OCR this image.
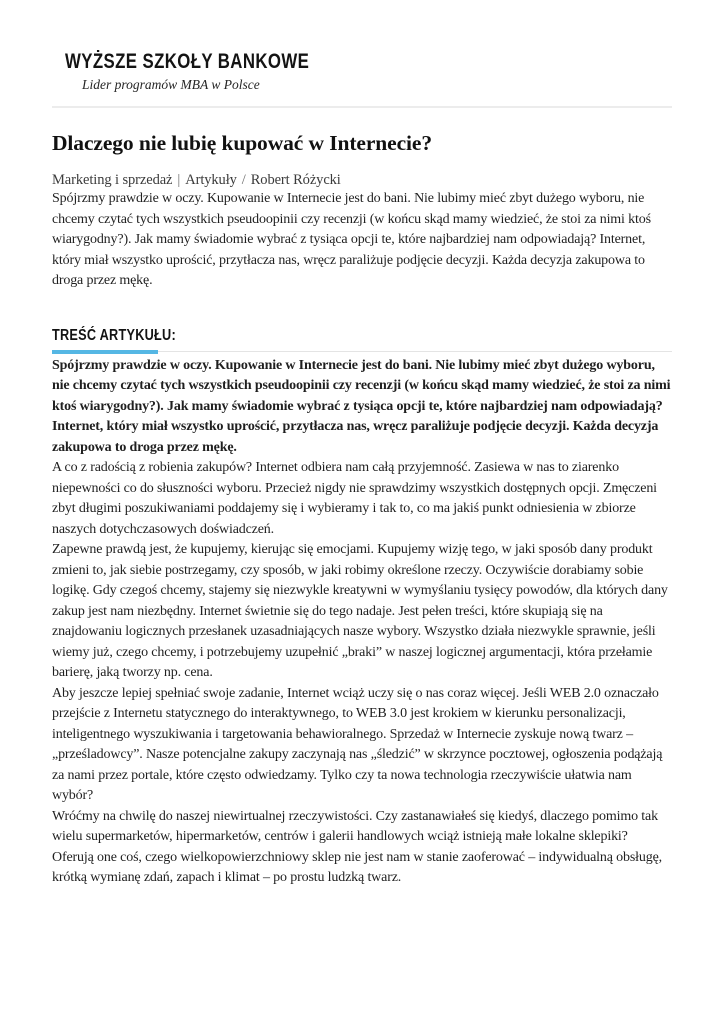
WYŻSZE SZKOŁY BANKOWE
Lider programów MBA w Polsce
Dlaczego nie lubię kupować w Internecie?
Marketing i sprzedaż | Artykuły / Robert Różycki

Spójrzmy prawdzie w oczy. Kupowanie w Internecie jest do bani. Nie lubimy mieć zbyt dużego wyboru, nie chcemy czytać tych wszystkich pseudoopinii czy recenzji (w końcu skąd mamy wiedzieć, że stoi za nimi ktoś wiarygodny?). Jak mamy świadomie wybrać z tysiąca opcji te, które najbardziej nam odpowiadają? Internet, który miał wszystko uprościć, przytłacza nas, wręcz paraliżuje podjęcie decyzji. Każda decyzja zakupowa to droga przez mękę.

TREŚĆ ARTYKUŁU:

Spójrzmy prawdzie w oczy. Kupowanie w Internecie jest do bani. Nie lubimy mieć zbyt dużego wyboru, nie chcemy czytać tych wszystkich pseudoopinii czy recenzji (w końcu skąd mamy wiedzieć, że stoi za nimi ktoś wiarygodny?). Jak mamy świadomie wybrać z tysiąca opcji te, które najbardziej nam odpowiadają? Internet, który miał wszystko uprościć, przytłacza nas, wręcz paraliżuje podjęcie decyzji. Każda decyzja zakupowa to droga przez mękę.

A co z radością z robienia zakupów? Internet odbiera nam całą przyjemność. Zasiewa w nas to ziarenko niepewności co do słuszności wyboru. Przecież nigdy nie sprawdzimy wszystkich dostępnych opcji. Zmęczeni zbyt długimi poszukiwaniami poddajemy się i wybieramy i tak to, co ma jakiś punkt odniesienia w zbiorze naszych dotychczasowych doświadczeń.

Zapewne prawdą jest, że kupujemy, kierując się emocjami. Kupujemy wizję tego, w jaki sposób dany produkt zmieni to, jak siebie postrzegamy, czy sposób, w jaki robimy określone rzeczy. Oczywiście dorabiamy sobie logikę. Gdy czegoś chcemy, stajemy się niezwykle kreatywni w wymyślaniu tysięcy powodów, dla których dany zakup jest nam niezbędny. Internet świetnie się do tego nadaje. Jest pełen treści, które skupiają się na znajdowaniu logicznych przesłanek uzasadniających nasze wybory. Wszystko działa niezwykle sprawnie, jeśli wiemy już, czego chcemy, i potrzebujemy uzupełnić „braki” w naszej logicznej argumentacji, która przełamie barierę, jaką tworzy np. cena.

Aby jeszcze lepiej spełniać swoje zadanie, Internet wciąż uczy się o nas coraz więcej. Jeśli WEB 2.0 oznaczało przejście z Internetu statycznego do interaktywnego, to WEB 3.0 jest krokiem w kierunku personalizacji, inteligentnego wyszukiwania i targetowania behawioralnego. Sprzedaż w Internecie zyskuje nową twarz – „prześladowcy”. Nasze potencjalne zakupy zaczynają nas „śledzić” w skrzynce pocztowej, ogłoszenia podążają za nami przez portale, które często odwiedzamy. Tylko czy ta nowa technologia rzeczywiście ułatwia nam wybór?

Wróćmy na chwilę do naszej niewirtualnej rzeczywistości. Czy zastanawiałeś się kiedyś, dlaczego pomimo tak wielu supermarketów, hipermarketów, centrów i galerii handlowych wciąż istnieją małe lokalne sklepiki? Oferują one coś, czego wielkopowierzchniowy sklep nie jest nam w stanie zaoferować – indywidualną obsługę, krótką wymianę zdań, zapach i klimat – po prostu ludzką twarz.
